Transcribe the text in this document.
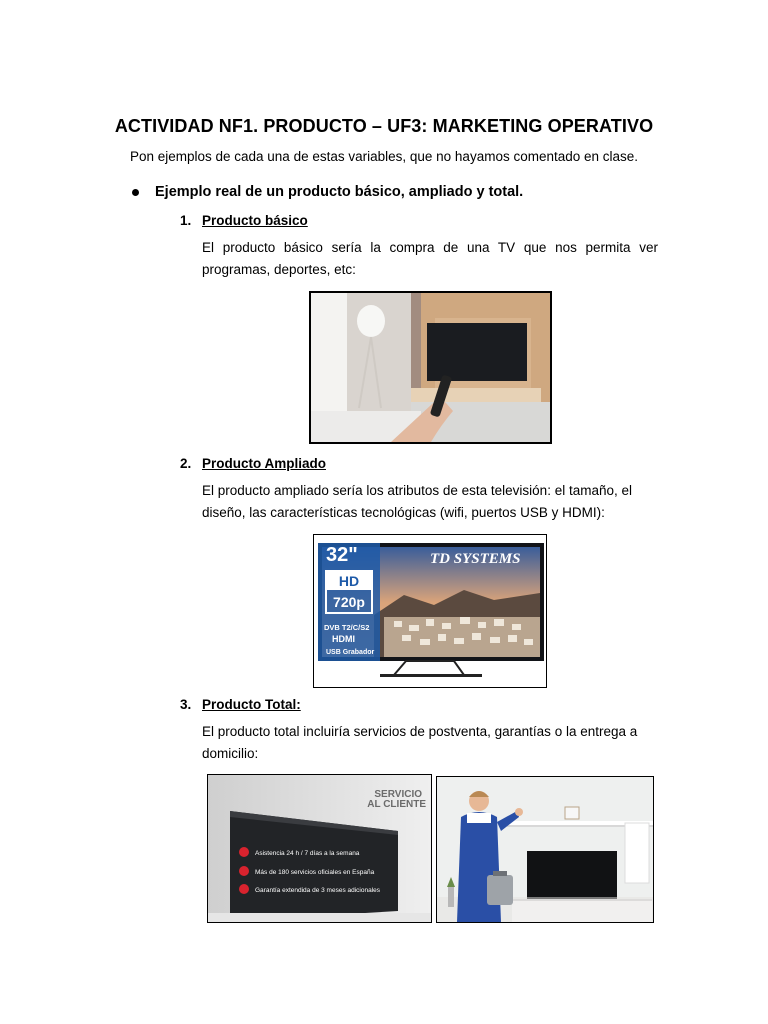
ACTIVIDAD NF1. PRODUCTO – UF3: MARKETING OPERATIVO
Pon ejemplos de cada una de estas variables, que no hayamos comentado en clase.
Ejemplo real de un producto básico, ampliado y total.
1. Producto básico
El producto básico sería la compra de una TV que nos permita ver programas, deportes, etc:
2. Producto Ampliado
El producto ampliado sería los atributos de esta televisión: el tamaño, el diseño, las características tecnológicas (wifi, puertos USB y HDMI):
32"
HD
720p
DVB T2/C/S2
HDMI
USB Grabador
TD SYSTEMS
3. Producto Total:
El producto total incluiría servicios de postventa, garantías o la entrega a domicilio:
SERVICIO
AL CLIENTE
Asistencia 24 h / 7 días a la semana
Más de 180 servicios oficiales en España
Garantía extendida de 3 meses adicionales
